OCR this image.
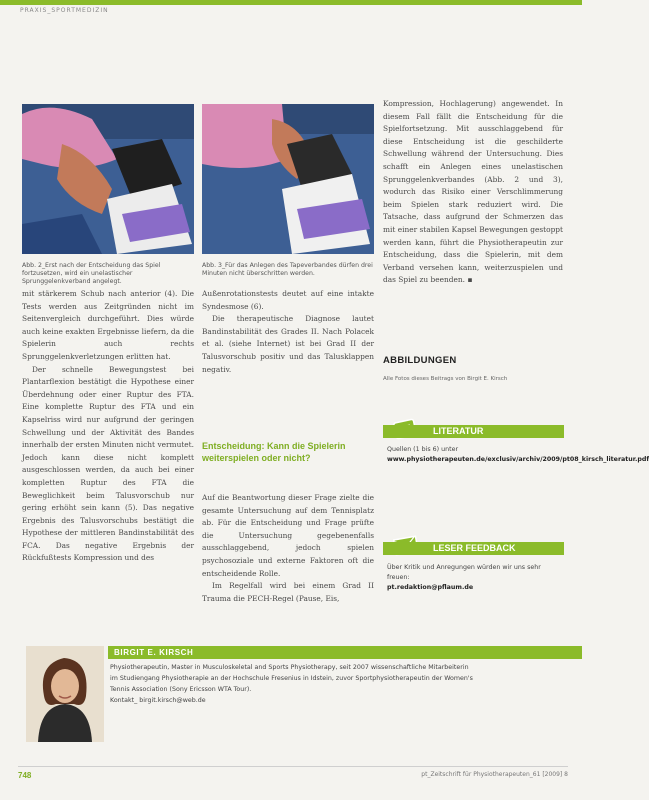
PRAXIS_SPORTMEDIZIN
Abb. 2_Erst nach der Entscheidung das Spiel fortzusetzen, wird ein unelastischer Sprunggelenkverband angelegt.
Abb. 3_Für das Anlegen des Tapeverbandes dürfen drei Minuten nicht überschritten werden.

mit stärkerem Schub nach anterior (4). Die Tests werden aus Zeitgründen nicht im Seitenvergleich durchgeführt. Dies würde auch keine exakten Ergebnisse liefern, da die Spielerin auch rechts Sprunggelenkverletzungen erlitten hat.

Der schnelle Bewegungstest bei Plantarflexion bestätigt die Hypothese einer Überdehnung oder einer Ruptur des FTA. Eine komplette Ruptur des FTA und ein Kapselriss wird nur aufgrund der geringen Schwellung und der Aktivität des Bandes innerhalb der ersten Minuten nicht vermutet. Jedoch kann diese nicht komplett ausgeschlossen werden, da auch bei einer kompletten Ruptur des FTA die Beweglichkeit beim Talusvorschub nur gering erhöht sein kann (5). Das negative Ergebnis des Talusvorschubs bestätigt die Hypothese der mittleren Bandinstabilität des FCA. Das negative Ergebnis der Rückfußtests Kompression und des

Außenrotationstests deutet auf eine intakte Syndesmose (6).

Die therapeutische Diagnose lautet Bandinstabilität des Grades II. Nach Polacek et al. (siehe Internet) ist bei Grad II der Talusvorschub positiv und das Talusklappen negativ.

Entscheidung: Kann die Spielerin weiterspielen oder nicht?

Auf die Beantwortung dieser Frage zielte die gesamte Untersuchung auf dem Tennisplatz ab. Für die Entscheidung und Frage prüfte die Untersuchung gegebenenfalls ausschlaggebend, jedoch spielen psychosoziale und externe Faktoren oft die entscheidende Rolle.

Im Regelfall wird bei einem Grad II Trauma die PECH-Regel (Pause, Eis,

Kompression, Hochlagerung) angewendet. In diesem Fall fällt die Entscheidung für die Spielfortsetzung. Mit ausschlaggebend für diese Entscheidung ist die geschilderte Schwellung während der Untersuchung. Dies schafft ein Anlegen eines unelastischen Sprunggelenkverbandes (Abb. 2 und 3), wodurch das Risiko einer Verschlimmerung beim Spielen stark reduziert wird. Die Tatsache, dass aufgrund der Schmerzen das mit einer stabilen Kapsel Bewegungen gestoppt werden kann, führt die Physiotherapeutin zur Entscheidung, dass die Spielerin, mit dem Verband versehen kann, weiterzuspielen und das Spiel zu beenden. ▪

ABBILDUNGEN
Alle Fotos dieses Beitrags von Birgit E. Kirsch
LITERATUR
Quellen (1 bis 6) unter
www.physiotherapeuten.de/exclusiv/archiv/2009/pt08_kirsch_literatur.pdf
LESER FEEDBACK
Über Kritik und Anregungen würden wir uns sehr freuen:
pt.redaktion@pflaum.de
BIRGIT E. KIRSCH
Physiotherapeutin, Master in Musculoskeletal and Sports Physiotherapy, seit 2007 wissenschaftliche Mitarbeiterin
im Studiengang Physiotherapie an der Hochschule Fresenius in Idstein, zuvor Sportphysiotherapeutin der Women's
Tennis Association (Sony Ericsson WTA Tour).
Kontakt_ birgit.kirsch@web.de
748	pt_Zeitschrift für Physiotherapeuten_61 [2009] 8
